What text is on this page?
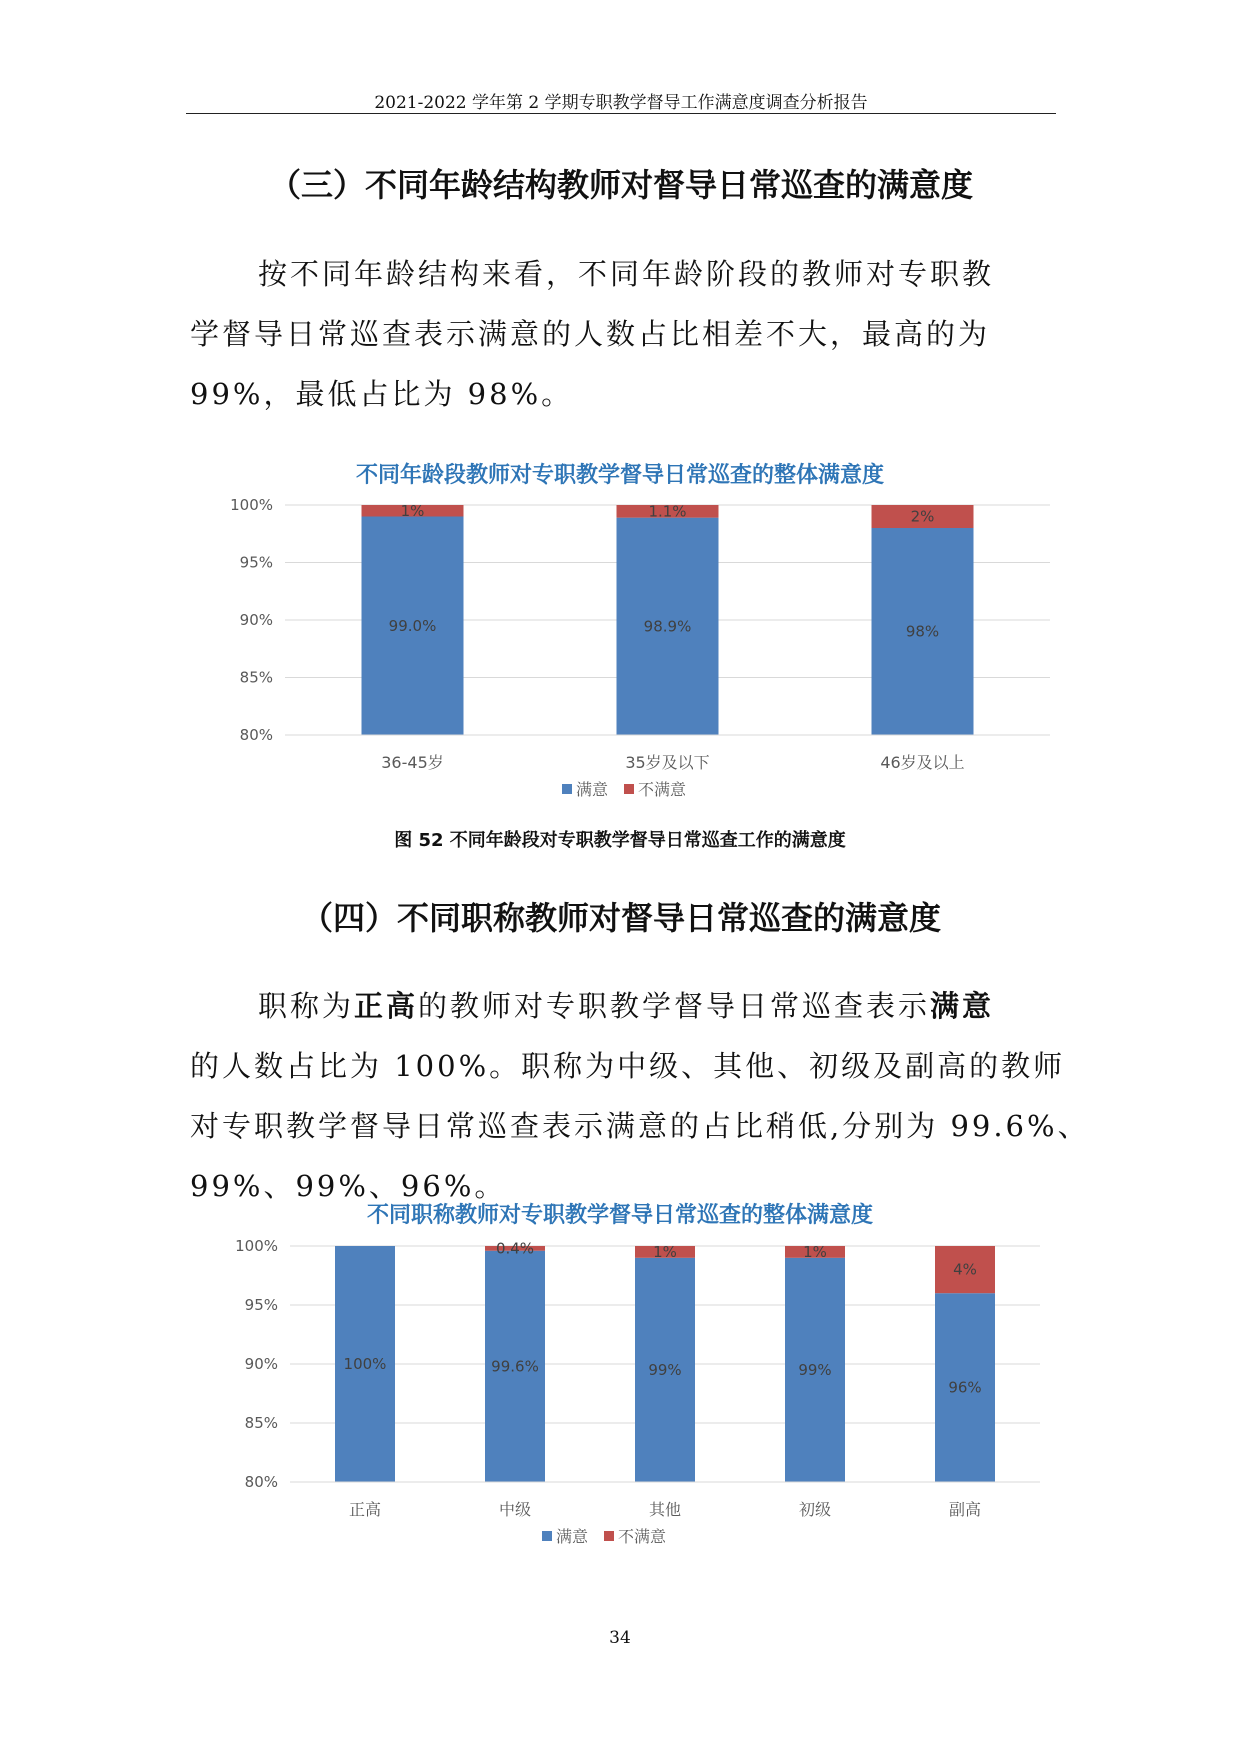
2021-2022 学年第 2 学期专职教学督导工作满意度调查分析报告
（三）不同年龄结构教师对督导日常巡查的满意度

按不同年龄结构来看，不同年龄阶段的教师对专职教
学督导日常巡查表示满意的人数占比相差不大，最高的为
99%，最低占比为 98%。

不同年龄段教师对专职教学督导日常巡查的整体满意度
80%
85%
90%
95%
100%
99.0%
1%
36-45岁
98.9%
1.1%
35岁及以下
98%
2%
46岁及以上
满意 不满意
图 52 不同年龄段对专职教学督导日常巡查工作的满意度
（四）不同职称教师对督导日常巡查的满意度

职称为正高的教师对专职教学督导日常巡查表示满意
的人数占比为 100%。职称为中级、其他、初级及副高的教师
对专职教学督导日常巡查表示满意的占比稍低,分别为 99.6%、
99%、99%、96%。

不同职称教师对专职教学督导日常巡查的整体满意度
80%
85%
90%
95%
100%
100%
正高
99.6%
0.4%
中级
99%
1%
其他
99%
1%
初级
96%
4%
副高
满意 不满意
34
